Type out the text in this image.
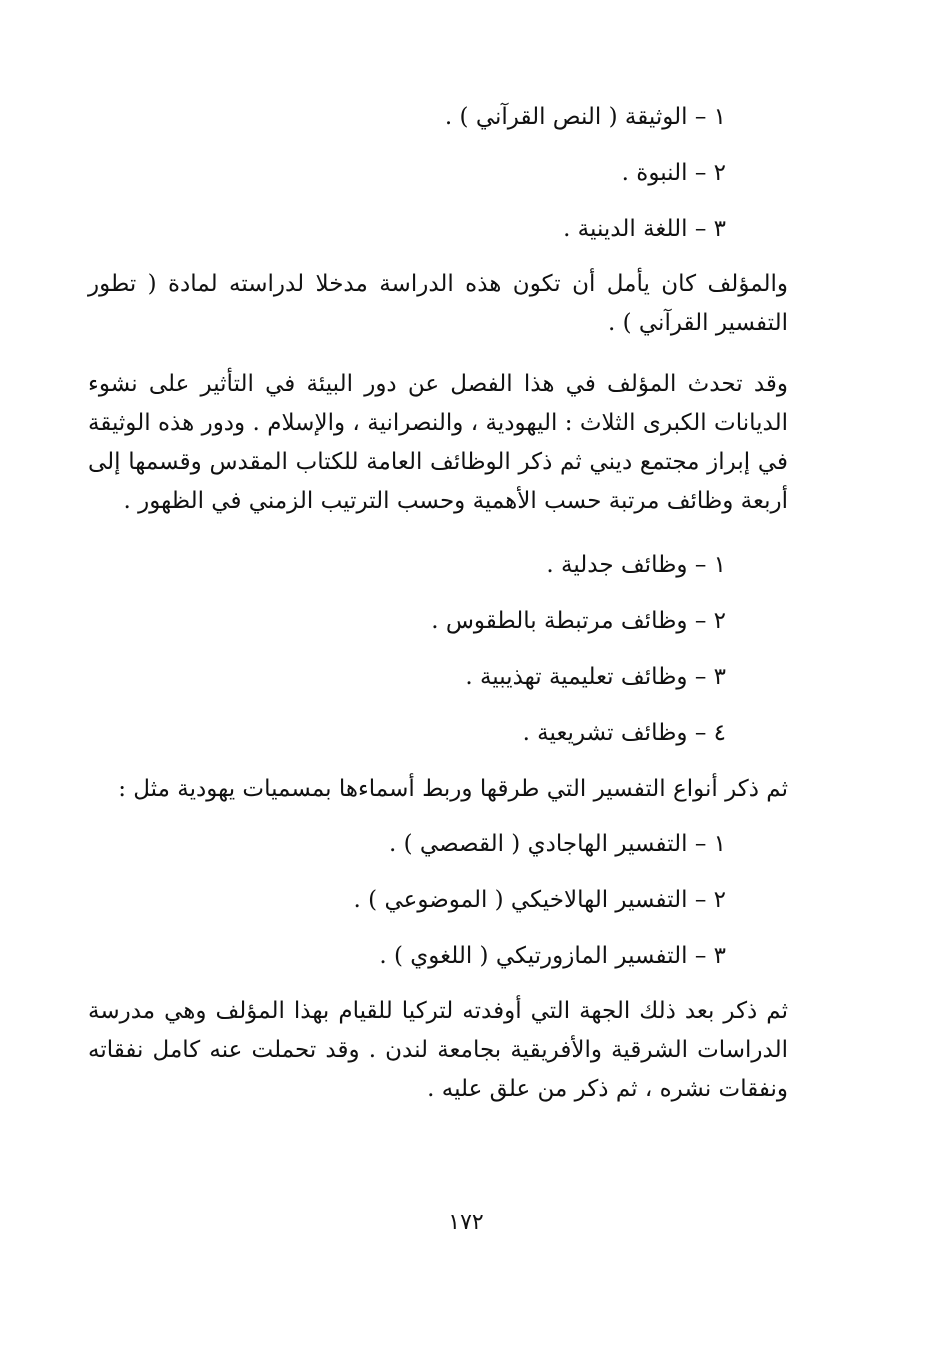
١ – الوثيقة ( النص القرآني ) .
٢ – النبوة .
٣ – اللغة الدينية .
والمؤلف كان يأمل أن تكون هذه الدراسة مدخلا لدراسته لمادة ( تطور التفسير القرآني ) .
وقد تحدث المؤلف في هذا الفصل عن دور البيئة في التأثير على نشوء الديانات الكبرى الثلاث : اليهودية ، والنصرانية ، والإسلام . ودور هذه الوثيقة في إبراز مجتمع ديني ثم ذكر الوظائف العامة للكتاب المقدس وقسمها إلى أربعة وظائف مرتبة حسب الأهمية وحسب الترتيب الزمني في الظهور .
١ – وظائف جدلية .
٢ – وظائف مرتبطة بالطقوس .
٣ – وظائف تعليمية تهذيبية .
٤ – وظائف تشريعية .
ثم ذكر أنواع التفسير التي طرقها وربط أسماءها بمسميات يهودية مثل :
١ – التفسير الهاجادي ( القصصي ) .
٢ – التفسير الهالاخيكي ( الموضوعي ) .
٣ – التفسير المازورتيكي ( اللغوي ) .
ثم ذكر بعد ذلك الجهة التي أوفدته لتركيا للقيام بهذا المؤلف وهي مدرسة الدراسات الشرقية والأفريقية بجامعة لندن . وقد تحملت عنه كامل نفقاته ونفقات نشره ، ثم ذكر من علق عليه .
١٧٢
